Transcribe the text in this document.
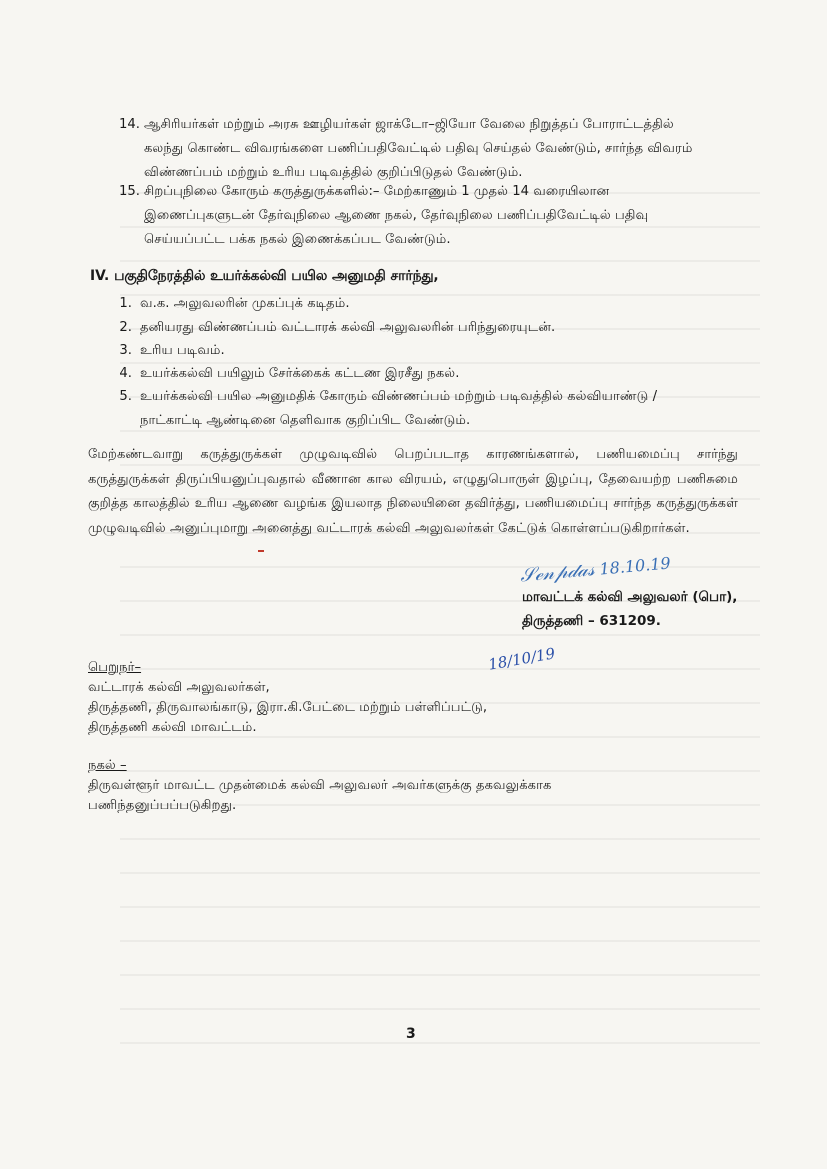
14. ஆசிரியர்கள் மற்றும் அரசு ஊழியர்கள் ஜாக்டோ–ஜியோ வேலை நிறுத்தப் போராட்டத்தில்
கலந்து கொண்ட விவரங்களை பணிப்பதிவேட்டில் பதிவு செய்தல் வேண்டும், சார்ந்த விவரம்
விண்ணப்பம் மற்றும் உரிய படிவத்தில் குறிப்பிடுதல் வேண்டும்.
15. சிறப்புநிலை கோரும் கருத்துருக்களில்:– மேற்காணும் 1 முதல் 14 வரையிலான
இணைப்புகளுடன் தேர்வுநிலை ஆணை நகல், தேர்வுநிலை பணிப்பதிவேட்டில் பதிவு
செய்யப்பட்ட பக்க நகல் இணைக்கப்பட வேண்டும்.
IV. பகுதிநேரத்தில் உயர்க்கல்வி பயில அனுமதி சார்ந்து,
1. வ.க. அலுவலரின் முகப்புக் கடிதம்.
2. தனியரது விண்ணப்பம் வட்டாரக் கல்வி அலுவலரின் பரிந்துரையுடன்.
3. உரிய படிவம்.
4. உயர்க்கல்வி பயிலும் சேர்க்கைக் கட்டண இரசீது நகல்.
5. உயர்க்கல்வி பயில அனுமதிக் கோரும் விண்ணப்பம் மற்றும் படிவத்தில் கல்வியாண்டு /
நாட்காட்டி ஆண்டினை தெளிவாக குறிப்பிட வேண்டும்.
மேற்கண்டவாறு கருத்துருக்கள் முழுவடிவில் பெறப்படாத காரணங்களால், பணியமைப்பு சார்ந்து கருத்துருக்கள் திருப்பியனுப்புவதால் வீணான கால விரயம், எழுதுபொருள் இழப்பு, தேவையற்ற பணிசுமை குறித்த காலத்தில் உரிய ஆணை வழங்க இயலாத நிலையினை தவிர்த்து, பணியமைப்பு சார்ந்த கருத்துருக்கள் முழுவடிவில் அனுப்புமாறு அனைத்து வட்டாரக் கல்வி அலுவலர்கள் கேட்டுக் கொள்ளப்படுகிறார்கள்.
𝒮ℯ𝓃𝓅𝒹𝒶𝓈 18.10.19
மாவட்டக் கல்வி அலுவலர் (பொ),
திருத்தணி – 631209.
பெறுநர்–
வட்டாரக் கல்வி அலுவலர்கள்,
திருத்தணி, திருவாலங்காடு, இரா.கி.பேட்டை மற்றும் பள்ளிப்பட்டு,
திருத்தணி கல்வி மாவட்டம்.
18/10/19
நகல் –
திருவள்ளூர் மாவட்ட முதன்மைக் கல்வி அலுவலர் அவர்களுக்கு தகவலுக்காக
பணிந்தனுப்பப்படுகிறது.
3
